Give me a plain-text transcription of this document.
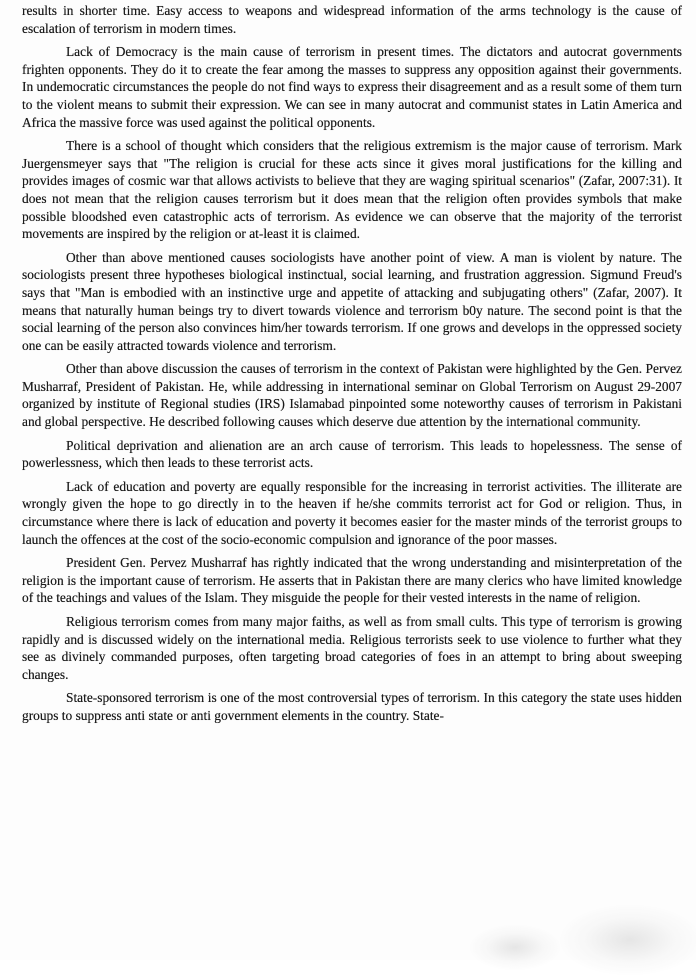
results in shorter time. Easy access to weapons and widespread information of the arms technology is the cause of escalation of terrorism in modern times.

Lack of Democracy is the main cause of terrorism in present times. The dictators and autocrat governments frighten opponents. They do it to create the fear among the masses to suppress any opposition against their governments. In undemocratic circumstances the people do not find ways to express their disagreement and as a result some of them turn to the violent means to submit their expression. We can see in many autocrat and communist states in Latin America and Africa the massive force was used against the political opponents.

There is a school of thought which considers that the religious extremism is the major cause of terrorism. Mark Juergensmeyer says that "The religion is crucial for these acts since it gives moral justifications for the killing and provides images of cosmic war that allows activists to believe that they are waging spiritual scenarios" (Zafar, 2007:31). It does not mean that the religion causes terrorism but it does mean that the religion often provides symbols that make possible bloodshed even catastrophic acts of terrorism. As evidence we can observe that the majority of the terrorist movements are inspired by the religion or at-least it is claimed.

Other than above mentioned causes sociologists have another point of view. A man is violent by nature. The sociologists present three hypotheses biological instinctual, social learning, and frustration aggression. Sigmund Freud's says that "Man is embodied with an instinctive urge and appetite of attacking and subjugating others" (Zafar, 2007). It means that naturally human beings try to divert towards violence and terrorism b0y nature. The second point is that the social learning of the person also convinces him/her towards terrorism. If one grows and develops in the oppressed society one can be easily attracted towards violence and terrorism.

Other than above discussion the causes of terrorism in the context of Pakistan were highlighted by the Gen. Pervez Musharraf, President of Pakistan. He, while addressing in international seminar on Global Terrorism on August 29-2007 organized by institute of Regional studies (IRS) Islamabad pinpointed some noteworthy causes of terrorism in Pakistani and global perspective. He described following causes which deserve due attention by the international community.

Political deprivation and alienation are an arch cause of terrorism. This leads to hopelessness. The sense of powerlessness, which then leads to these terrorist acts.

Lack of education and poverty are equally responsible for the increasing in terrorist activities. The illiterate are wrongly given the hope to go directly in to the heaven if he/she commits terrorist act for God or religion. Thus, in circumstance where there is lack of education and poverty it becomes easier for the master minds of the terrorist groups to launch the offences at the cost of the socio-economic compulsion and ignorance of the poor masses.

President Gen. Pervez Musharraf has rightly indicated that the wrong understanding and misinterpretation of the religion is the important cause of terrorism. He asserts that in Pakistan there are many clerics who have limited knowledge of the teachings and values of the Islam. They misguide the people for their vested interests in the name of religion.

Religious terrorism comes from many major faiths, as well as from small cults. This type of terrorism is growing rapidly and is discussed widely on the international media. Religious terrorists seek to use violence to further what they see as divinely commanded purposes, often targeting broad categories of foes in an attempt to bring about sweeping changes.

State-sponsored terrorism is one of the most controversial types of terrorism. In this category the state uses hidden groups to suppress anti state or anti government elements in the country. State-
